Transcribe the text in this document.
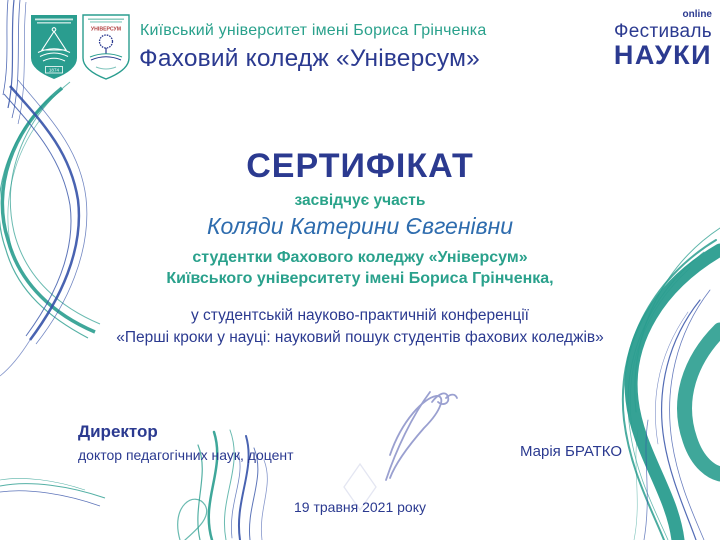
1874
УНІВЕРСУМ Київський університет імені Бориса Грінченка
Фаховий коледж «Універсум»
online
Фестиваль
НАУКИ
СЕРТИФІКАТ
засвідчує участь
Коляди Катерини Євгенівни
студентки Фахового коледжу «Універсум»
Київського університету імені Бориса Грінченка,
у студентській науково-практичній конференції
«Перші кроки у науці: науковий пошук студентів фахових коледжів»
Директор
доктор педагогічних наук, доцент	Марія БРАТКО
19 травня 2021 року
